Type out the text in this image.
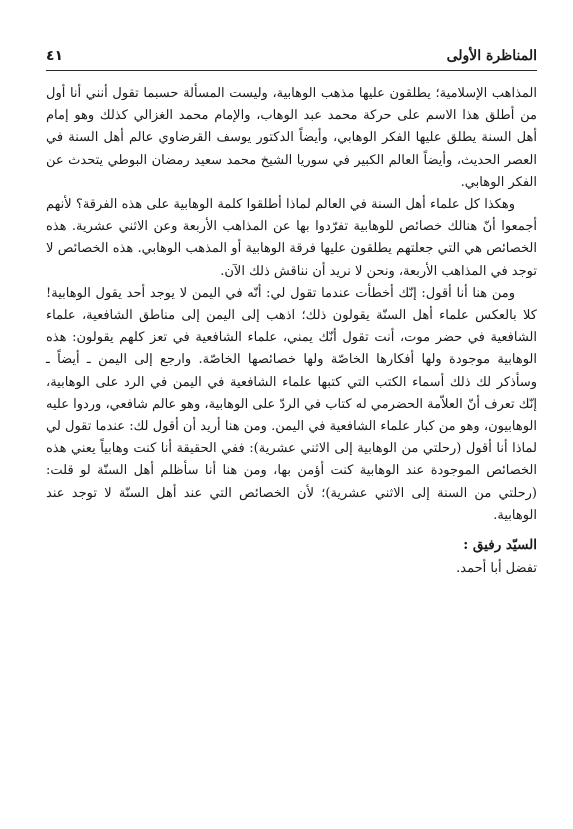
المناظرة الأولى
٤١

المذاهب الإسلامية؛ يطلقون عليها مذهب الوهابية، وليست المسألة حسبما تقول أنني أنا أول من أطلق هذا الاسم على حركة محمد عبد الوهاب، والإمام محمد الغزالي كذلك وهو إمام أهل السنة يطلق عليها الفكر الوهابي، وأيضاً الدكتور يوسف القرضاوي عالم أهل السنة في العصر الحديث، وأيضاً العالم الكبير في سوريا الشيخ محمد سعيد رمضان البوطي يتحدث عن الفكر الوهابي.

وهكذا كل علماء أهل السنة في العالم لماذا أطلقوا كلمة الوهابية على هذه الفرقة؟ لأنهم أجمعوا أنّ هنالك خصائص للوهابية تفرّدوا بها عن المذاهب الأربعة وعن الاثني عشرية. هذه الخصائص هي التي جعلتهم يطلقون عليها فرقة الوهابية أو المذهب الوهابي. هذه الخصائص لا توجد في المذاهب الأربعة، ونحن لا نريد أن نناقش ذلك الآن.

ومن هنا أنا أقول: إنّك أخطأت عندما تقول لي: أنّه في اليمن لا يوجد أحد يقول الوهابية! كلا بالعكس علماء أهل السنّة يقولون ذلك؛ اذهب إلى اليمن إلى مناطق الشافعية، علماء الشافعية في حضر موت، أنت تقول أنّك يمني، علماء الشافعية في تعز كلهم يقولون: هذه الوهابية موجودة ولها أفكارها الخاصّة ولها خصائصها الخاصّة. وارجع إلى اليمن ـ أيضاً ـ وسأذكر لك ذلك أسماء الكتب التي كتبها علماء الشافعية في اليمن في الرد على الوهابية، إنّك تعرف أنّ العلاّمة الحضرمي له كتاب في الردّ على الوهابية، وهو عالم شافعي، وردوا عليه الوهابيون، وهو من كبار علماء الشافعية في اليمن. ومن هنا أريد أن أقول لك: عندما تقول لي لماذا أنا أقول (رحلتي من الوهابية إلى الاثني عشرية): ففي الحقيقة أنا كنت وهابياً يعني هذه الخصائص الموجودة عند الوهابية كنت أؤمن بها، ومن هنا أنا سأظلم أهل السنّة لو قلت: (رحلتي من السنة إلى الاثني عشرية)؛ لأن الخصائص التي عند أهل السنّة لا توجد عند الوهابية.

السيّد رفيق :
تفضل أبا أحمد.
